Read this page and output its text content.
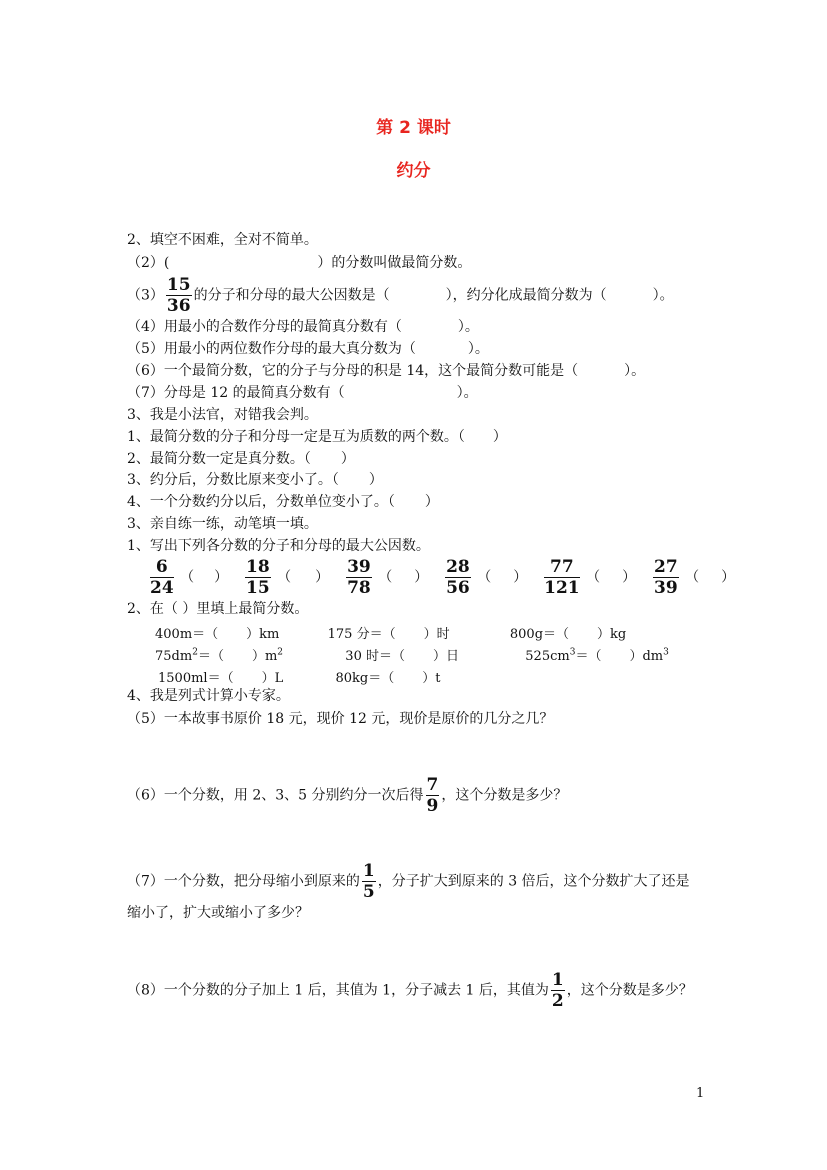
第 2 课时
约分
2、填空不困难，全对不简单。
（2）(	）的分数叫做最简分数。
$(3) \frac{15}{36}$ 的分子和分母的最大公因数是（	），约分化成最简分数为（	）。
（4）用最小的合数作分母的最简真分数有（	）。
（5）用最小的两位数作分母的最大真分数为（	）。
（6）一个最简分数，它的分子与分母的积是 14，这个最简分数可能是（	）。
（7）分母是 12 的最简真分数有（	）。
3、我是小法官，对错我会判。
1、最简分数的分子和分母一定是互为质数的两个数。（ ）
2、最简分数一定是真分数。（ ）
3、约分后，分数比原来变小了。（ ）
4、一个分数约分以后，分数单位变小了。（ ）
3、亲自练一练，动笔填一填。
1、写出下列各分数的分子和分母的最大公因数。
$\frac{6}{24}$ （ ） $\frac{18}{15}$ （ ） $\frac{39}{78}$ （ ） $\frac{28}{56}$ （ ） $\frac{77}{121}$ （ ） $\frac{27}{39}$ （ ）
2、在（ ）里填上最简分数。
400m＝（ ）km	175 分＝（ ）时	800g＝（ ）kg
$75dm^2=$（ ）$m^2$	30 时＝（ ）日	$525cm^3=$（ ）$dm^3$
1500ml＝（ ）L	80kg＝（ ）t
4、我是列式计算小专家。
（5）一本故事书原价 18 元，现价 12 元，现价是原价的几分之几？
（6）一个分数，用 2、3、5 分别约分一次后得 $\frac{7}{9}$ ，这个分数是多少？
（7）一个分数，把分母缩小到原来的 $\frac{1}{5}$ ，分子扩大到原来的 3 倍后，这个分数扩大了还是
缩小了，扩大或缩小了多少？
（8）一个分数的分子加上 1 后，其值为 1，分子减去 1 后，其值为 $\frac{1}{2}$ ，这个分数是多少？
1
